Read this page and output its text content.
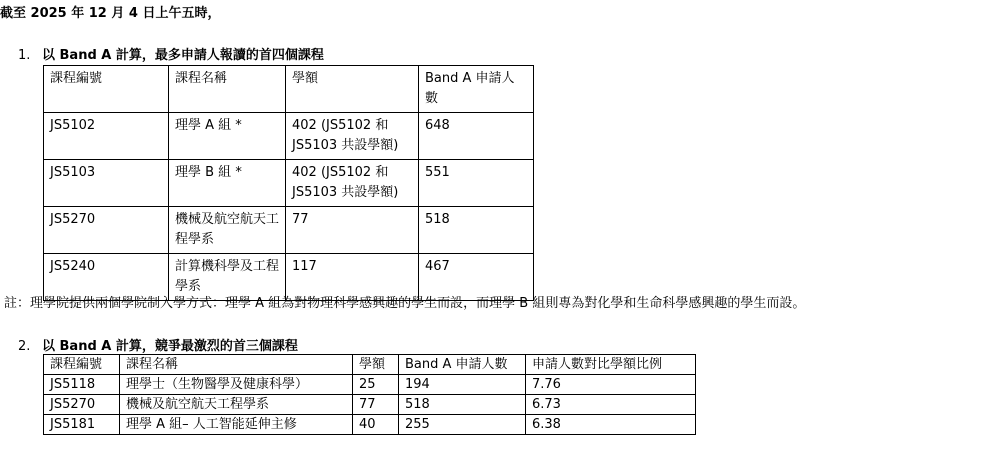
截至 2025 年 12 月 4 日上午五時，
1. 以 Band A 計算，最多申請人報讀的首四個課程
課程編號	課程名稱	學額	Band A 申請人數
JS5102	理學 A 組 *	402 (JS5102 和 JS5103 共設學額)	648
JS5103	理學 B 組 *	402 (JS5102 和 JS5103 共設學額)	551
JS5270	機械及航空航天工程學系	77	518
JS5240	計算機科學及工程學系	117	467
註：理學院提供兩個學院制入學方式：理學 A 組為對物理科學感興趣的學生而設，而理學 B 組則專為對化學和生命科學感興趣的學生而設。
2. 以 Band A 計算，競爭最激烈的首三個課程
課程編號	課程名稱	學額	Band A 申請人數	申請人數對比學額比例
JS5118	理學士（生物醫學及健康科學）	25	194	7.76
JS5270	機械及航空航天工程學系	77	518	6.73
JS5181	理學 A 組– 人工智能延伸主修	40	255	6.38
